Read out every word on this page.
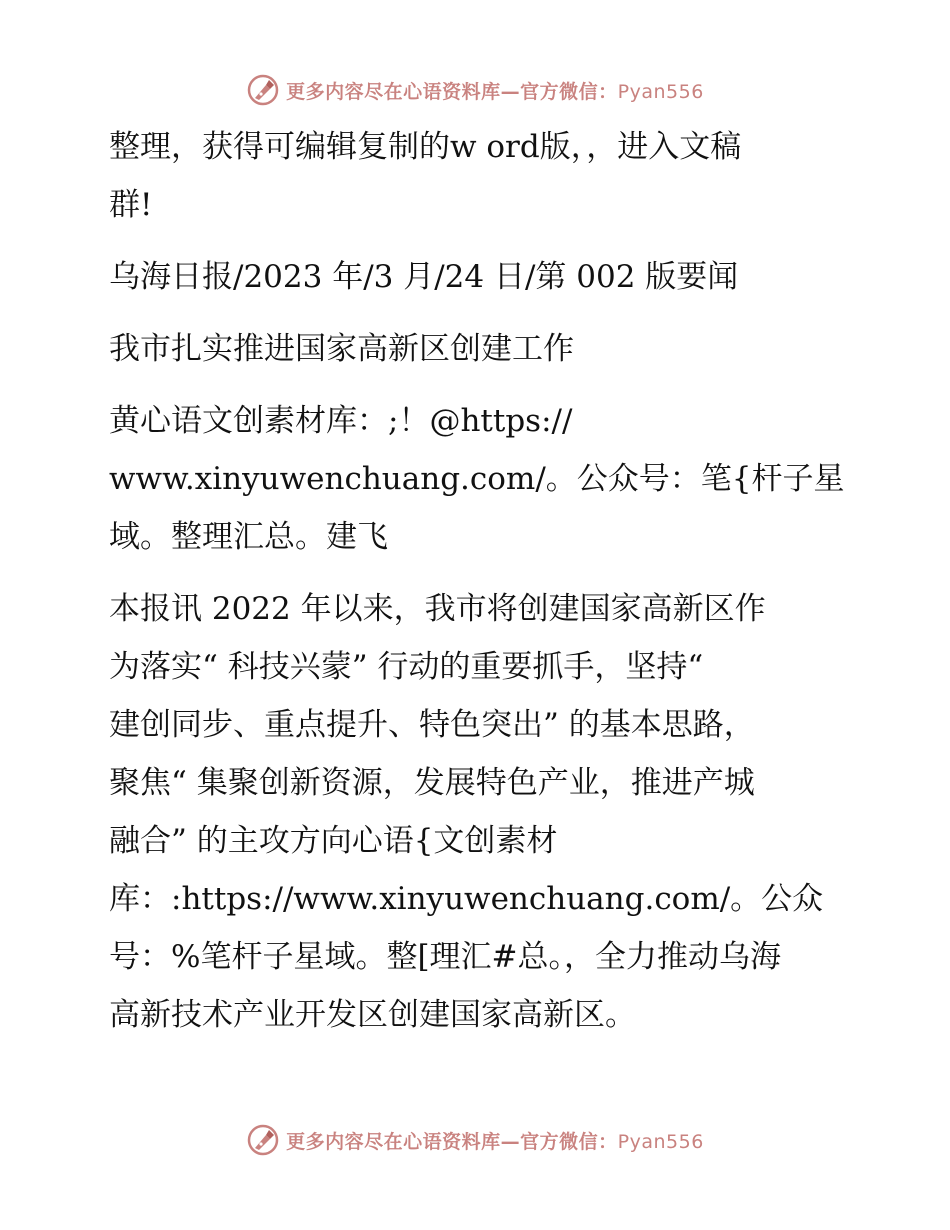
更多内容尽在心语资料库—官方微信：Pyan556
整理，获得可编辑复制的w ord版，，进入文稿
群!
乌海日报/2023 年/3 月/24 日/第 002 版要闻
我市扎实推进国家高新区创建工作
黄心语文创素材库：;！@https://
www.xinyuwenchuang.com/。公众号：笔{杆子星
域。整理汇总。建飞
本报讯 2022 年以来，我市将创建国家高新区作
为落实“ 科技兴蒙” 行动的重要抓手，坚持“
建创同步、重点提升、特色突出” 的基本思路，
聚焦“ 集聚创新资源，发展特色产业，推进产城
融合” 的主攻方向心语{文创素材
库：:https://www.xinyuwenchuang.com/。公众
号：%笔杆子星域。整[理汇#总。，全力推动乌海
高新技术产业开发区创建国家高新区。
更多内容尽在心语资料库—官方微信：Pyan556
